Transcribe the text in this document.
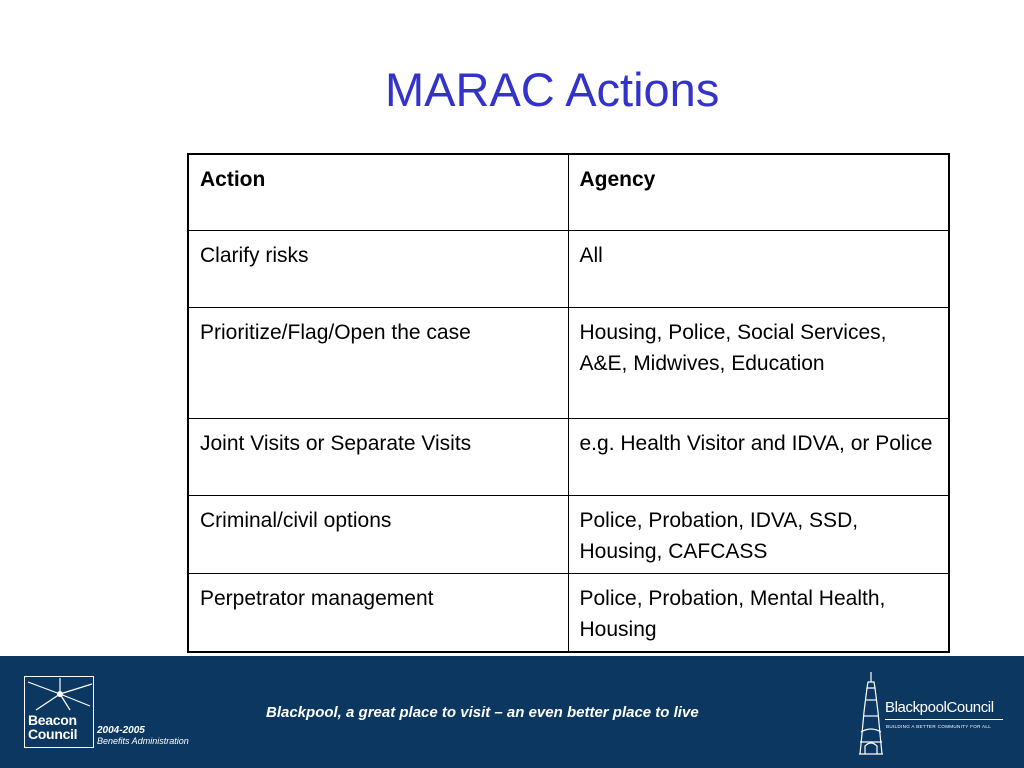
MARAC Actions
Action	Agency
Clarify risks	All
Prioritize/Flag/Open the case	Housing, Police, Social Services, A&E, Midwives, Education
Joint Visits or Separate Visits	e.g. Health Visitor and IDVA, or Police
Criminal/civil options	Police, Probation, IDVA, SSD, Housing, CAFCASS
Perpetrator management	Police, Probation, Mental Health, Housing
Beacon
Council 2004-2005
Benefits Administration
Blackpool, a great place to visit – an even better place to live	BlackpoolCouncil
BUILDING A BETTER COMMUNITY FOR ALL
